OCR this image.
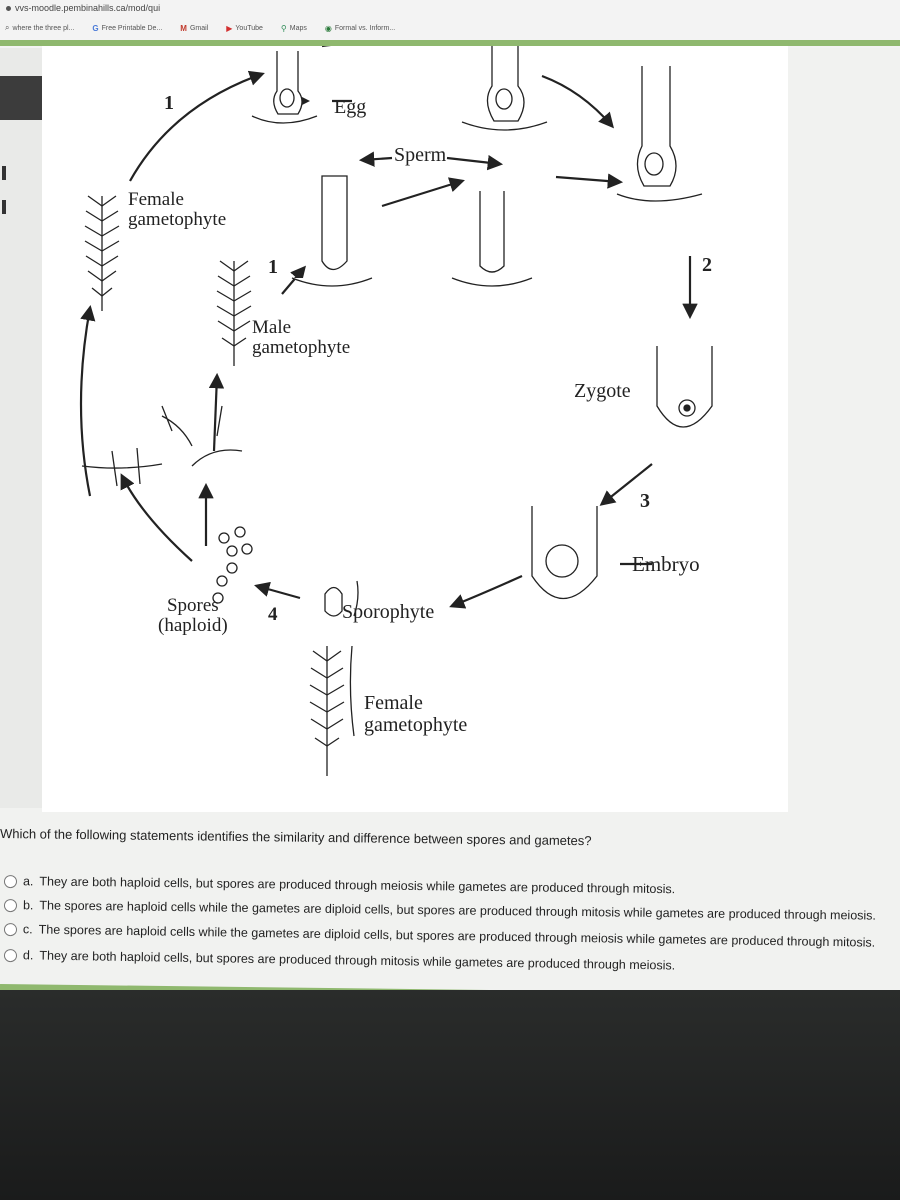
vvs-moodle.pembinahills.ca/mod/qui
⌕ where the three pl... G Free Printable De... M Gmail ▶ YouTube ⚲ Maps ◉ Formal vs. Inform...
1	Egg
Sperm
Female
gametophyte
1	2
Male
gametophyte
Zygote
3
Embryo
Spores
(haploid)
4	Sporophyte
Female
gametophyte
Which of the following statements identifies the similarity and difference between spores and gametes?
a. They are both haploid cells, but spores are produced through meiosis while gametes are produced through mitosis.
b. The spores are haploid cells while the gametes are diploid cells, but spores are produced through mitosis while gametes are produced through meiosis.
c. The spores are haploid cells while the gametes are diploid cells, but spores are produced through meiosis while gametes are produced through mitosis.
d. They are both haploid cells, but spores are produced through mitosis while gametes are produced through meiosis.
